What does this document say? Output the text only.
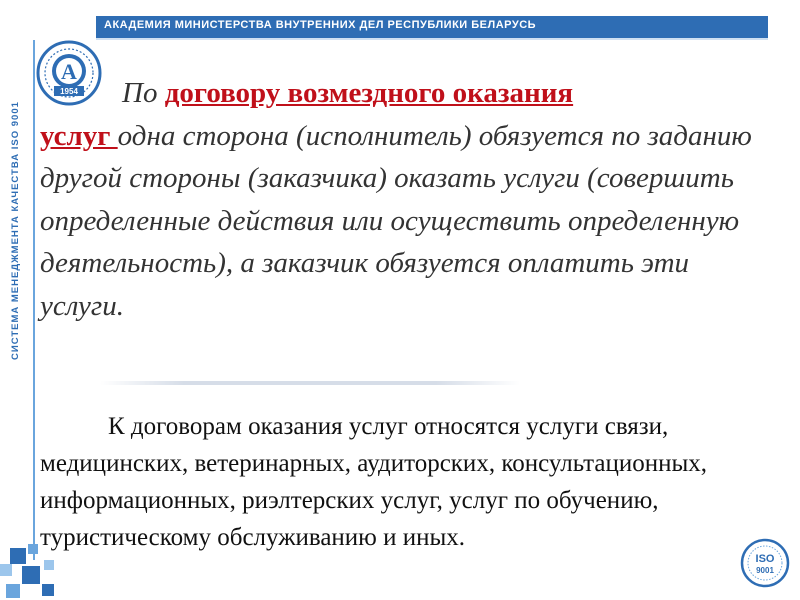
АКАДЕМИЯ МИНИСТЕРСТВА ВНУТРЕННИХ ДЕЛ РЕСПУБЛИКИ БЕЛАРУСЬ
СИСТЕМА МЕНЕДЖМЕНТА КАЧЕСТВА ISO 9001
А
1954
ISO
9001
По договору возмездного оказания
услуг одна сторона (исполнитель) обязуется по заданию другой стороны (заказчика) оказать услуги (совершить определенные действия или осуществить определенную деятельность), а заказчик обязуется оплатить эти услуги.
К договорам оказания услуг относятся услуги связи, медицинских, ветеринарных, аудиторских, консультационных, информационных, риэлтерских услуг, услуг по обучению, туристическому обслуживанию и иных.
